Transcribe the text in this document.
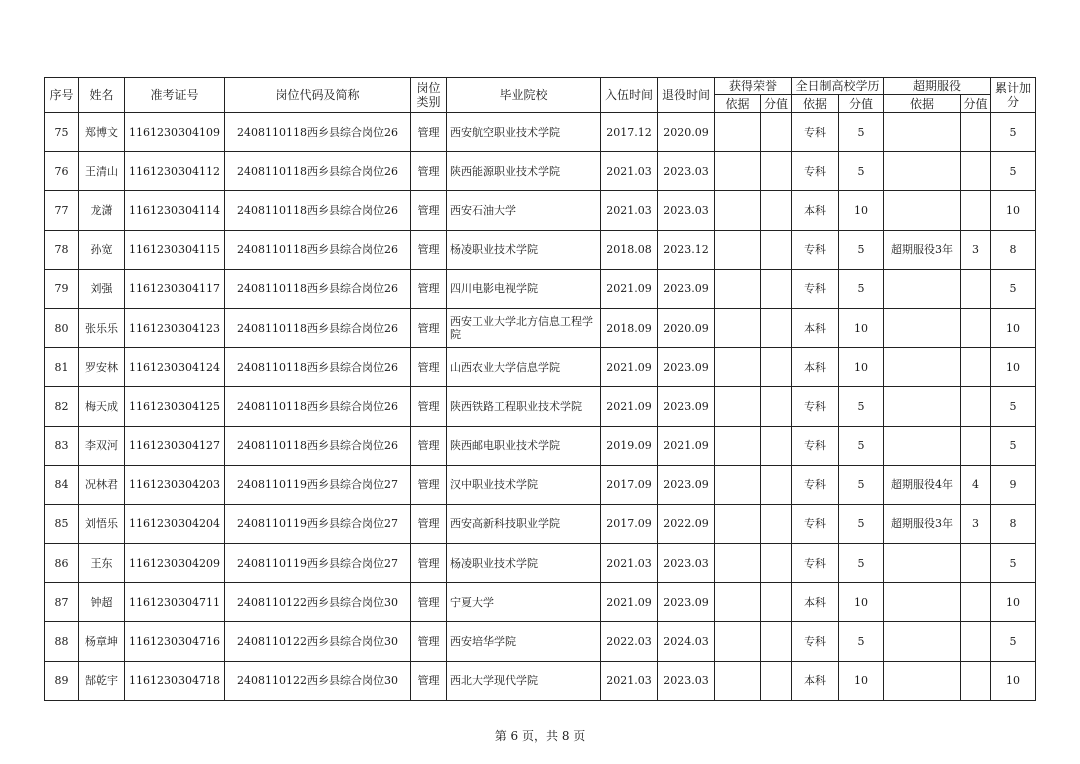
序号	姓名	准考证号	岗位代码及简称	岗位类别	毕业院校	入伍时间	退役时间	获得荣誉		全日制高校学历		超期服役		累计加分
								依据	分值	依据	分值	依据	分值	
75	郑博文	1161230304109	2408110118西乡县综合岗位26	管理	西安航空职业技术学院	2017.12	2020.09			专科	5			5
76	王清山	1161230304112	2408110118西乡县综合岗位26	管理	陕西能源职业技术学院	2021.03	2023.03			专科	5			5
77	龙潇	1161230304114	2408110118西乡县综合岗位26	管理	西安石油大学	2021.03	2023.03			本科	10			10
78	孙宽	1161230304115	2408110118西乡县综合岗位26	管理	杨凌职业技术学院	2018.08	2023.12			专科	5	超期服役3年	3	8
79	刘强	1161230304117	2408110118西乡县综合岗位26	管理	四川电影电视学院	2021.09	2023.09			专科	5			5
80	张乐乐	1161230304123	2408110118西乡县综合岗位26	管理	西安工业大学北方信息工程学院	2018.09	2020.09			本科	10			10
81	罗安林	1161230304124	2408110118西乡县综合岗位26	管理	山西农业大学信息学院	2021.09	2023.09			本科	10			10
82	梅天成	1161230304125	2408110118西乡县综合岗位26	管理	陕西铁路工程职业技术学院	2021.09	2023.09			专科	5			5
83	李双河	1161230304127	2408110118西乡县综合岗位26	管理	陕西邮电职业技术学院	2019.09	2021.09			专科	5			5
84	况林君	1161230304203	2408110119西乡县综合岗位27	管理	汉中职业技术学院	2017.09	2023.09			专科	5	超期服役4年	4	9
85	刘悟乐	1161230304204	2408110119西乡县综合岗位27	管理	西安高新科技职业学院	2017.09	2022.09			专科	5	超期服役3年	3	8
86	王东	1161230304209	2408110119西乡县综合岗位27	管理	杨凌职业技术学院	2021.03	2023.03			专科	5			5
87	钟超	1161230304711	2408110122西乡县综合岗位30	管理	宁夏大学	2021.09	2023.09			本科	10			10
88	杨章坤	1161230304716	2408110122西乡县综合岗位30	管理	西安培华学院	2022.03	2024.03			专科	5			5
89	郜乾宇	1161230304718	2408110122西乡县综合岗位30	管理	西北大学现代学院	2021.03	2023.03			本科	10			10
第 6 页，共 8 页
